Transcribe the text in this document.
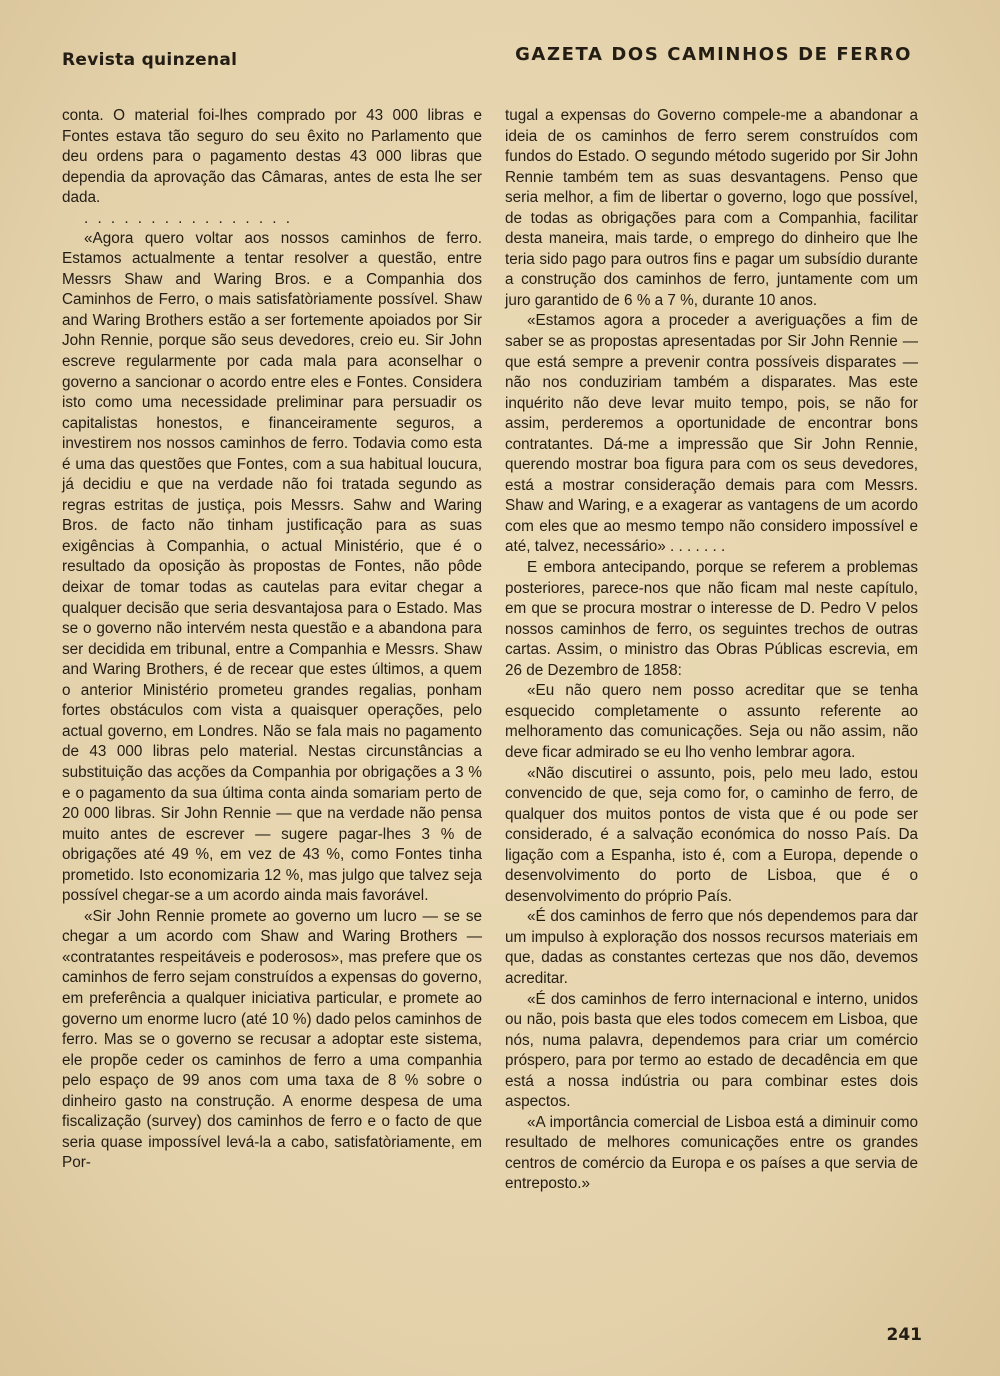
Revista quinzenal	GAZETA DOS CAMINHOS DE FERRO

conta. O material foi-lhes comprado por 43 000 libras e Fontes estava tão seguro do seu êxito no Parlamento que deu ordens para o pagamento destas 43 000 libras que dependia da aprovação das Câmaras, antes de esta lhe ser dada.

................

«Agora quero voltar aos nossos caminhos de ferro. Estamos actualmente a tentar resolver a questão, entre Messrs Shaw and Waring Bros. e a Companhia dos Caminhos de Ferro, o mais satisfatòriamente possível. Shaw and Waring Brothers estão a ser fortemente apoiados por Sir John Rennie, porque são seus devedores, creio eu. Sir John escreve regularmente por cada mala para aconselhar o governo a sancionar o acordo entre eles e Fontes. Considera isto como uma necessidade preliminar para persuadir os capitalistas honestos, e financeiramente seguros, a investirem nos nossos caminhos de ferro. Todavia como esta é uma das questões que Fontes, com a sua habitual loucura, já decidiu e que na verdade não foi tratada segundo as regras estritas de justiça, pois Messrs. Sahw and Waring Bros. de facto não tinham justificação para as suas exigências à Companhia, o actual Ministério, que é o resultado da oposição às propostas de Fontes, não pôde deixar de tomar todas as cautelas para evitar chegar a qualquer decisão que seria desvantajosa para o Estado. Mas se o governo não intervém nesta questão e a abandona para ser decidida em tribunal, entre a Companhia e Messrs. Shaw and Waring Brothers, é de recear que estes últimos, a quem o anterior Ministério prometeu grandes regalias, ponham fortes obstáculos com vista a quaisquer operações, pelo actual governo, em Londres. Não se fala mais no pagamento de 43 000 libras pelo material. Nestas circunstâncias a substituição das acções da Companhia por obrigações a 3 % e o pagamento da sua última conta ainda somariam perto de 20 000 libras. Sir John Rennie — que na verdade não pensa muito antes de escrever — sugere pagar-lhes 3 % de obrigações até 49 %, em vez de 43 %, como Fontes tinha prometido. Isto economizaria 12 %, mas julgo que talvez seja possível chegar-se a um acordo ainda mais favorável.

«Sir John Rennie promete ao governo um lucro — se se chegar a um acordo com Shaw and Waring Brothers — «contratantes respeitáveis e poderosos», mas prefere que os caminhos de ferro sejam construídos a expensas do governo, em preferência a qualquer iniciativa particular, e promete ao governo um enorme lucro (até 10 %) dado pelos caminhos de ferro. Mas se o governo se recusar a adoptar este sistema, ele propõe ceder os caminhos de ferro a uma companhia pelo espaço de 99 anos com uma taxa de 8 % sobre o dinheiro gasto na construção. A enorme despesa de uma fiscalização (survey) dos caminhos de ferro e o facto de que seria quase impossível levá-la a cabo, satisfatòriamente, em Por-

tugal a expensas do Governo compele-me a abandonar a ideia de os caminhos de ferro serem construídos com fundos do Estado. O segundo método sugerido por Sir John Rennie também tem as suas desvantagens. Penso que seria melhor, a fim de libertar o governo, logo que possível, de todas as obrigações para com a Companhia, facilitar desta maneira, mais tarde, o emprego do dinheiro que lhe teria sido pago para outros fins e pagar um subsídio durante a construção dos caminhos de ferro, juntamente com um juro garantido de 6 % a 7 %, durante 10 anos.

«Estamos agora a proceder a averiguações a fim de saber se as propostas apresentadas por Sir John Rennie — que está sempre a prevenir contra possíveis disparates — não nos conduziriam também a disparates. Mas este inquérito não deve levar muito tempo, pois, se não for assim, perderemos a oportunidade de encontrar bons contratantes. Dá-me a impressão que Sir John Rennie, querendo mostrar boa figura para com os seus devedores, está a mostrar consideração demais para com Messrs. Shaw and Waring, e a exagerar as vantagens de um acordo com eles que ao mesmo tempo não considero impossível e até, talvez, necessário» . . . . . . .

E embora antecipando, porque se referem a problemas posteriores, parece-nos que não ficam mal neste capítulo, em que se procura mostrar o interesse de D. Pedro V pelos nossos caminhos de ferro, os seguintes trechos de outras cartas. Assim, o ministro das Obras Públicas escrevia, em 26 de Dezembro de 1858:

«Eu não quero nem posso acreditar que se tenha esquecido completamente o assunto referente ao melhoramento das comunicações. Seja ou não assim, não deve ficar admirado se eu lho venho lembrar agora.

«Não discutirei o assunto, pois, pelo meu lado, estou convencido de que, seja como for, o caminho de ferro, de qualquer dos muitos pontos de vista que é ou pode ser considerado, é a salvação económica do nosso País. Da ligação com a Espanha, isto é, com a Europa, depende o desenvolvimento do porto de Lisboa, que é o desenvolvimento do próprio País.

«É dos caminhos de ferro que nós dependemos para dar um impulso à exploração dos nossos recursos materiais em que, dadas as constantes certezas que nos dão, devemos acreditar.

«É dos caminhos de ferro internacional e interno, unidos ou não, pois basta que eles todos comecem em Lisboa, que nós, numa palavra, dependemos para criar um comércio próspero, para por termo ao estado de decadência em que está a nossa indústria ou para combinar estes dois aspectos.

«A importância comercial de Lisboa está a diminuir como resultado de melhores comunicações entre os grandes centros de comércio da Europa e os países a que servia de entreposto.»

241
